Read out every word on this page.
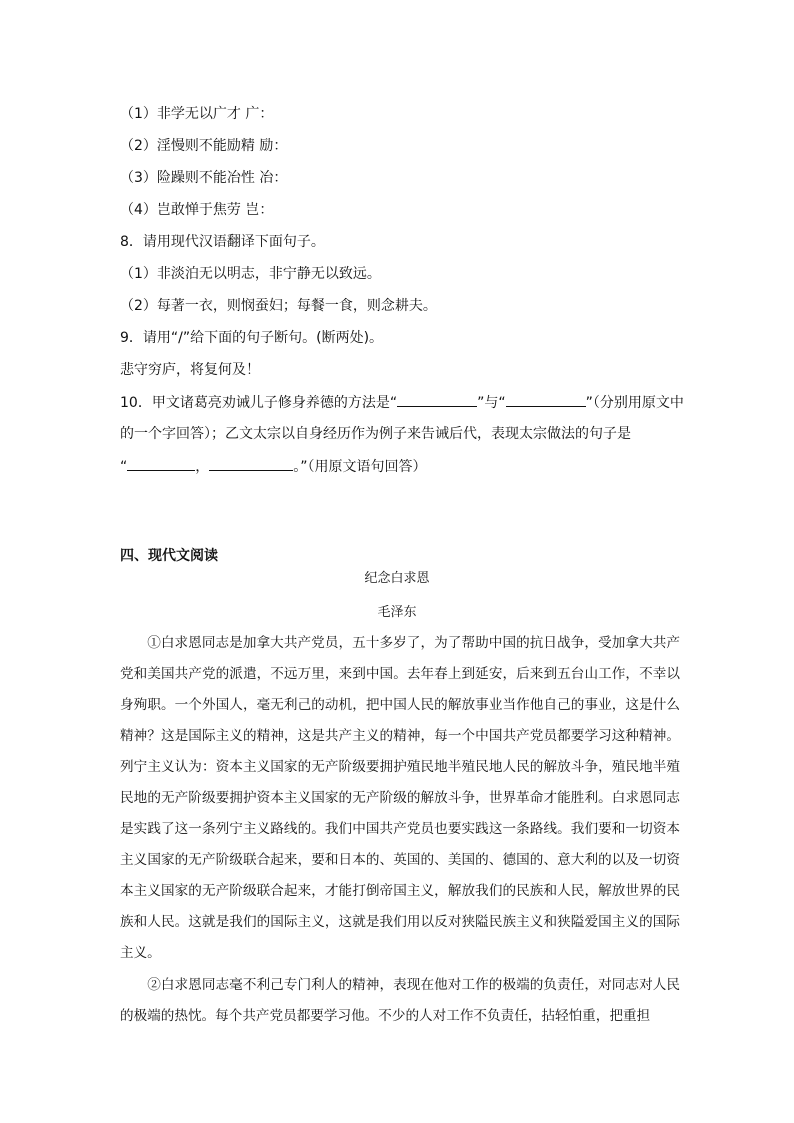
（1）非学无以广才 广：
（2）淫慢则不能励精 励：
（3）险躁则不能冶性 冶：
（4）岂敢惮于焦劳 岂：
8．请用现代汉语翻译下面句子。
（1）非淡泊无以明志，非宁静无以致远。
（2）每著一衣，则悯蚕妇；每餐一食，则念耕夫。
9．请用“/”给下面的句子断句。(断两处)。
悲守穷庐，将复何及！
10．甲文诸葛亮劝诫儿子修身养德的方法是“	”与“	”（分别用原文中
的一个字回答）；乙文太宗以自身经历作为例子来告诫后代，表现太宗做法的句子是
“	，	。”（用原文语句回答）
四、现代文阅读
纪念白求恩
毛泽东
①白求恩同志是加拿大共产党员，五十多岁了，为了帮助中国的抗日战争，受加拿大共产党和美国共产党的派遣，不远万里，来到中国。去年春上到延安，后来到五台山工作，不幸以身殉职。一个外国人，毫无利己的动机，把中国人民的解放事业当作他自己的事业，这是什么精神？这是国际主义的精神，这是共产主义的精神，每一个中国共产党员都要学习这种精神。列宁主义认为：资本主义国家的无产阶级要拥护殖民地半殖民地人民的解放斗争，殖民地半殖民地的无产阶级要拥护资本主义国家的无产阶级的解放斗争，世界革命才能胜利。白求恩同志是实践了这一条列宁主义路线的。我们中国共产党员也要实践这一条路线。我们要和一切资本主义国家的无产阶级联合起来，要和日本的、英国的、美国的、德国的、意大利的以及一切资本主义国家的无产阶级联合起来，才能打倒帝国主义，解放我们的民族和人民，解放世界的民族和人民。这就是我们的国际主义，这就是我们用以反对狭隘民族主义和狭隘爱国主义的国际主义。
②白求恩同志毫不利己专门利人的精神，表现在他对工作的极端的负责任，对同志对人民的极端的热忱。每个共产党员都要学习他。不少的人对工作不负责任，拈轻怕重，把重担
